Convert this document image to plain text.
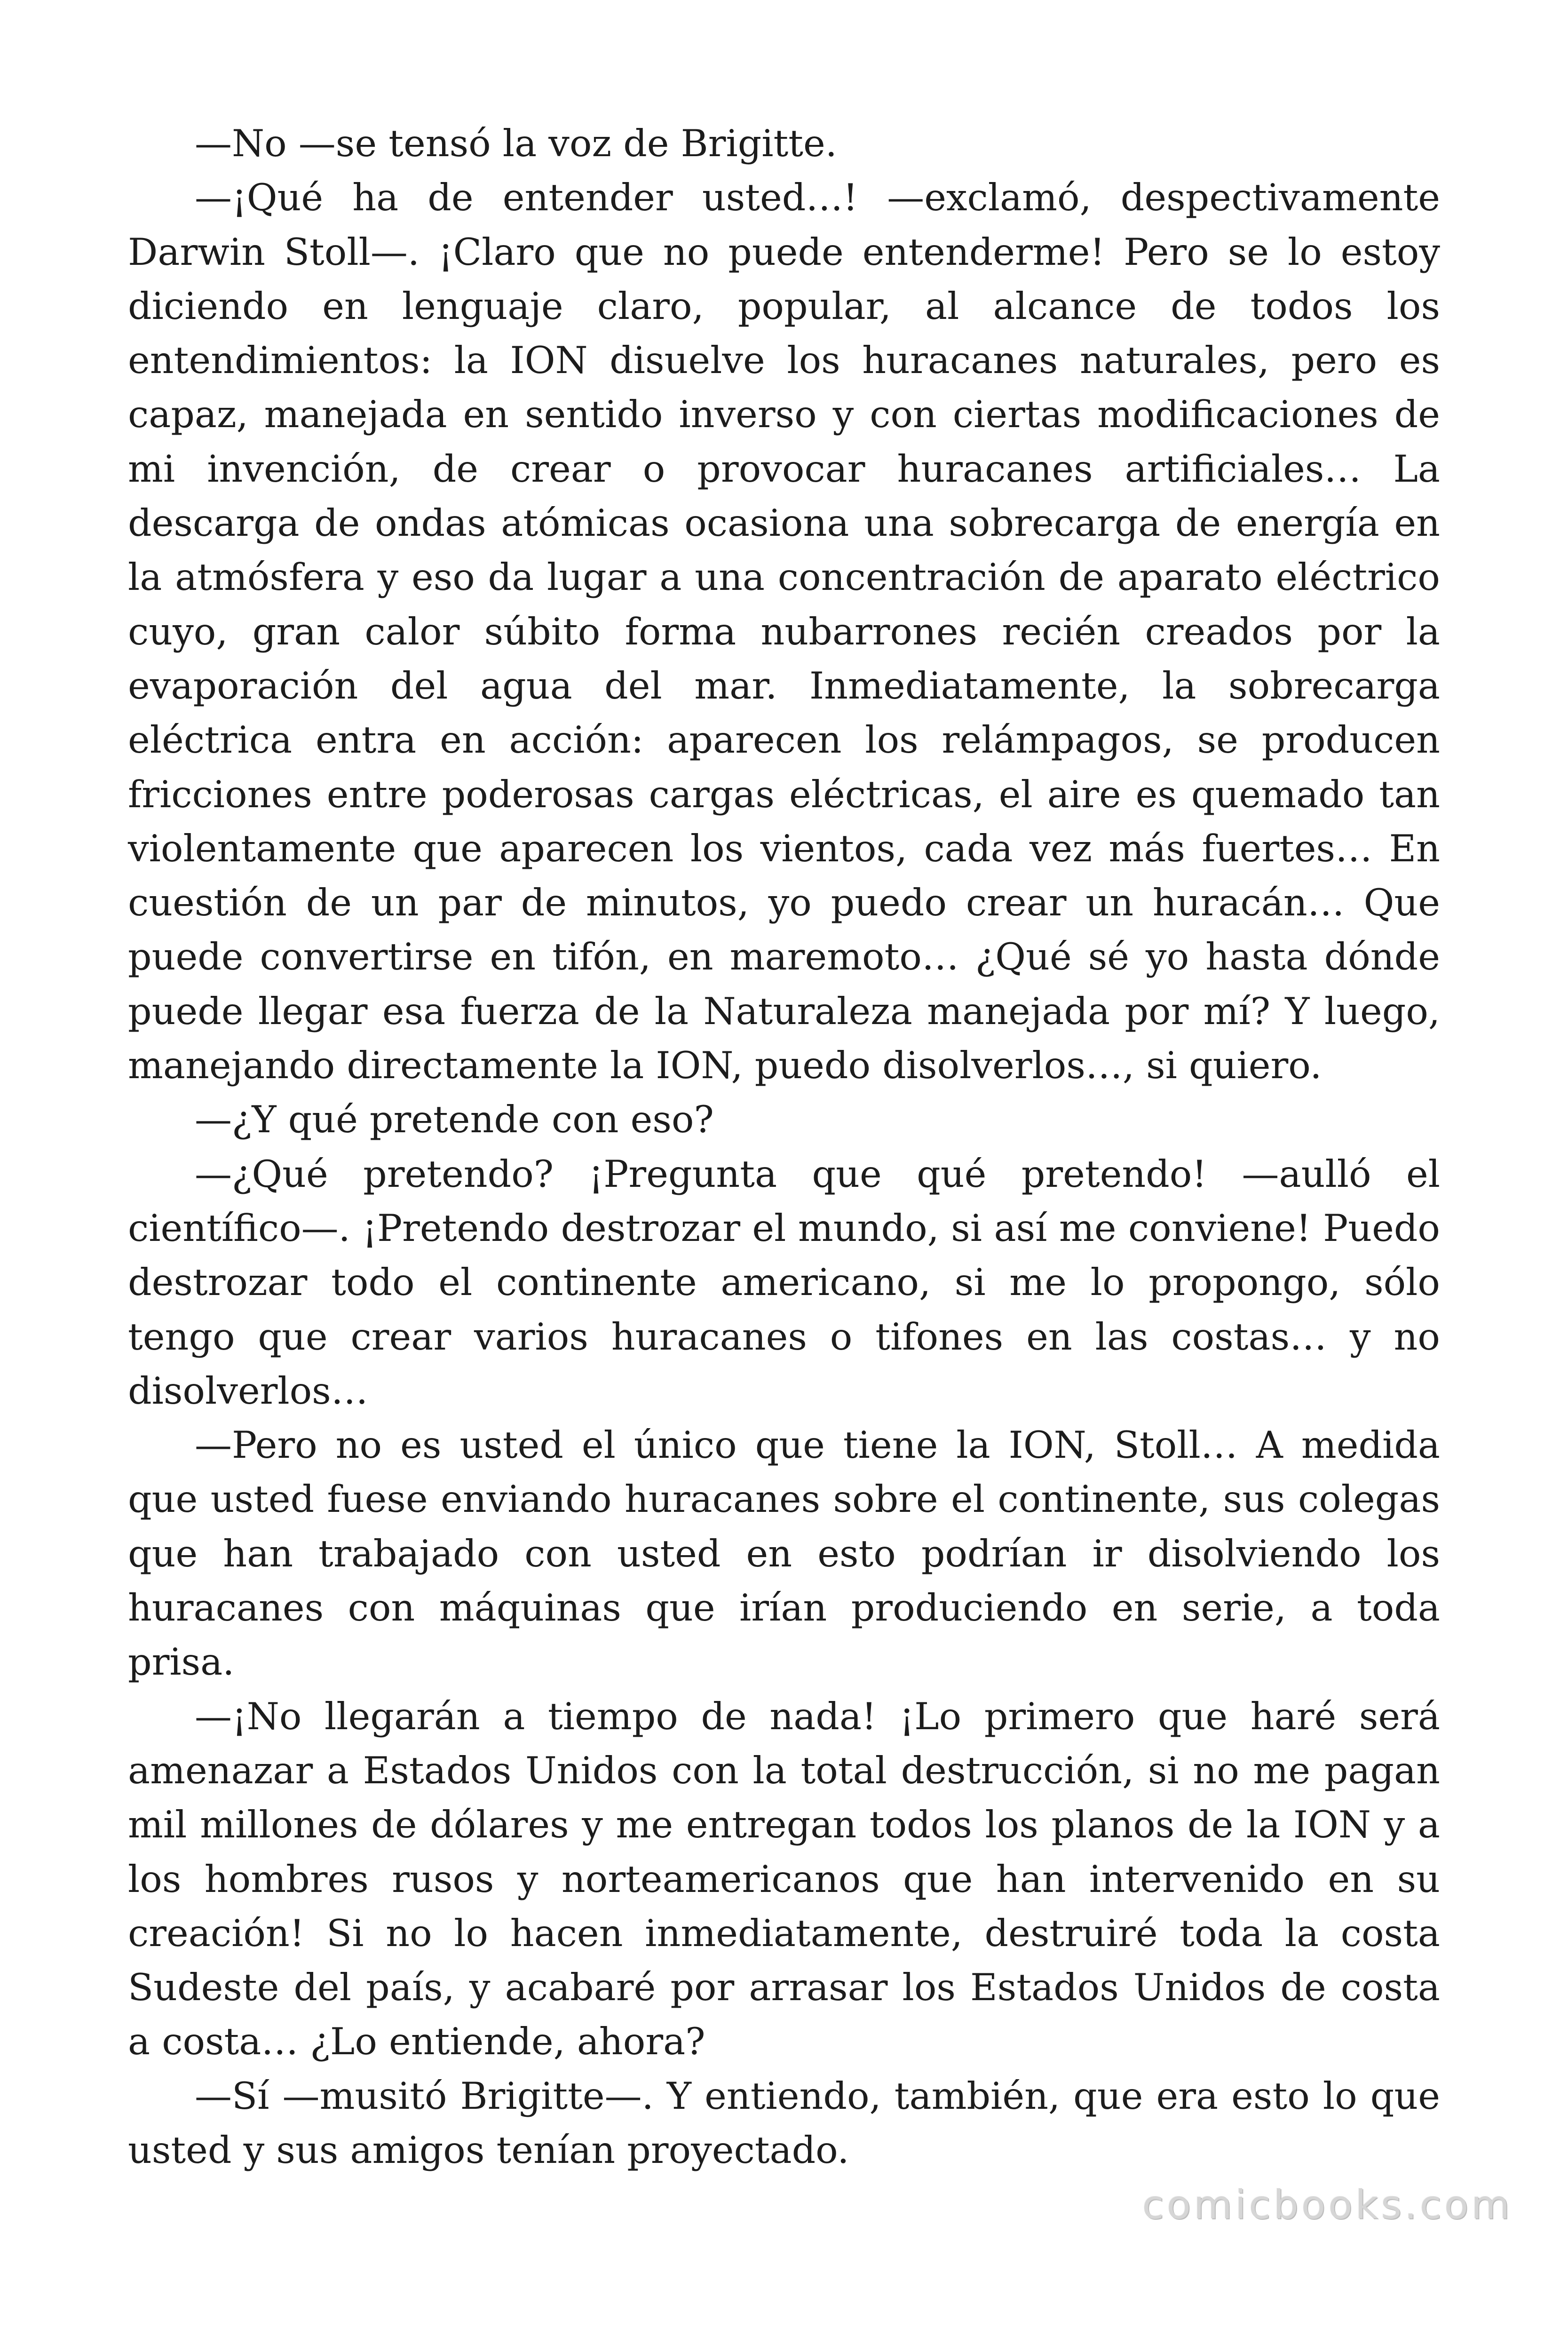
—No —se tensó la voz de Brigitte.

—¡Qué ha de entender usted…! —exclamó, despectivamente Darwin Stoll—. ¡Claro que no puede entenderme! Pero se lo estoy diciendo en lenguaje claro, popular, al alcance de todos los entendimientos: la ION disuelve los huracanes naturales, pero es capaz, manejada en sentido inverso y con ciertas modificaciones de mi invención, de crear o provocar huracanes artificiales… La descarga de ondas atómicas ocasiona una sobrecarga de energía en la atmósfera y eso da lugar a una concentración de aparato eléctrico cuyo, gran calor súbito forma nubarrones recién creados por la evaporación del agua del mar. Inmediatamente, la sobrecarga eléctrica entra en acción: aparecen los relámpagos, se producen fricciones entre poderosas cargas eléctricas, el aire es quemado tan violentamente que aparecen los vientos, cada vez más fuertes… En cuestión de un par de minutos, yo puedo crear un huracán… Que puede convertirse en tifón, en maremoto… ¿Qué sé yo hasta dónde puede llegar esa fuerza de la Naturaleza manejada por mí? Y luego, manejando directamente la ION, puedo disolverlos…, si quiero.

—¿Y qué pretende con eso?

—¿Qué pretendo? ¡Pregunta que qué pretendo! —aulló el científico—. ¡Pretendo destrozar el mundo, si así me conviene! Puedo destrozar todo el continente americano, si me lo propongo, sólo tengo que crear varios huracanes o tifones en las costas… y no disolverlos…

—Pero no es usted el único que tiene la ION, Stoll… A medida que usted fuese enviando huracanes sobre el continente, sus colegas que han trabajado con usted en esto podrían ir disolviendo los huracanes con máquinas que irían produciendo en serie, a toda prisa.

—¡No llegarán a tiempo de nada! ¡Lo primero que haré será amenazar a Estados Unidos con la total destrucción, si no me pagan mil millones de dólares y me entregan todos los planos de la ION y a los hombres rusos y norteamericanos que han intervenido en su creación! Si no lo hacen inmediatamente, destruiré toda la costa Sudeste del país, y acabaré por arrasar los Estados Unidos de costa a costa… ¿Lo entiende, ahora?

—Sí —musitó Brigitte—. Y entiendo, también, que era esto lo que usted y sus amigos tenían proyectado.

comicbooks.com
